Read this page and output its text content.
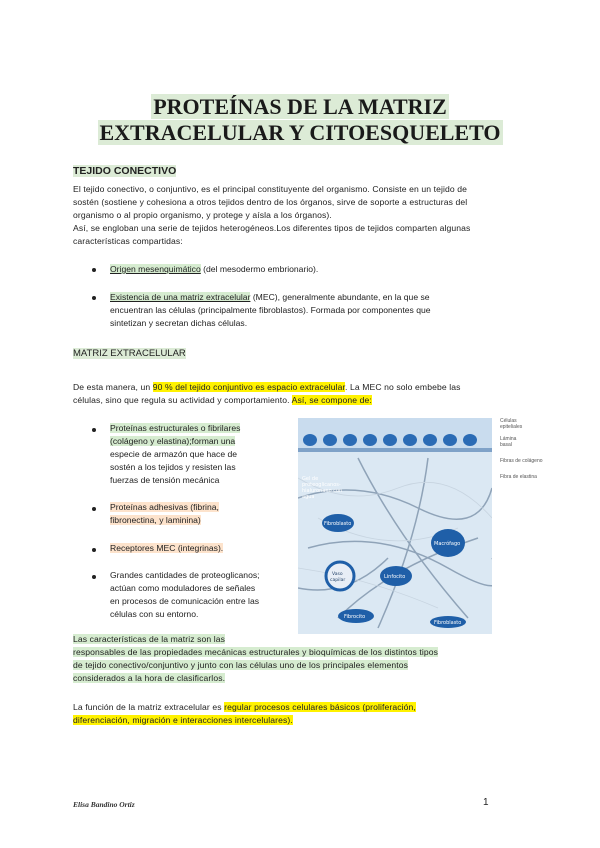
PROTEÍNAS DE LA MATRIZ
EXTRACELULAR Y CITOESQUELETO
TEJIDO CONECTIVO
El tejido conectivo, o conjuntivo, es el principal constituyente del organismo. Consiste en un tejido de
sostén (sostiene y cohesiona a otros tejidos dentro de los órganos, sirve de soporte a estructuras del
organismo o al propio organismo, y protege y aísla a los órganos).
Así, se engloban una serie de tejidos heterogéneos.Los diferentes tipos de tejidos comparten algunas
características compartidas:
Origen mesenquimático (del mesodermo embrionario).
Existencia de una matriz extracelular (MEC), generalmente abundante, en la que se
encuentran las células (principalmente fibroblastos). Formada por componentes que
sintetizan y secretan dichas células.
MATRIZ EXTRACELULAR
De esta manera, un 90 % del tejido conjuntivo es espacio extracelular. La MEC no solo embebe las
células, sino que regula su actividad y comportamiento. Así, se compone de:
Proteínas estructurales o fibrilares
(colágeno y elastina);forman una
especie de armazón que hace de
sostén a los tejidos y resisten las
fuerzas de tensión mecánica
Proteínas adhesivas (fibrina,
fibronectina, y laminina)
Receptores MEC (integrinas).
Grandes cantidades de proteoglicanos;
actúan como moduladores de señales
en procesos de comunicación entre las
células con su entorno.
Gel de
proteoglicanos-
hialuronano con
agua
Fibroblasto
Macrófago
Vaso
capilar
Linfocito
Fibrocito
Fibroblasto
Células
epiteliales
Lámina
basal
Fibras de colágeno
Fibra de elastina
Las características de la matriz son las
responsables de las propiedades mecánicas estructurales y bioquímicas de los distintos tipos
de tejido conectivo/conjuntivo y junto con las células uno de los principales elementos
considerados a la hora de clasificarlos.
La función de la matriz extracelular es regular procesos celulares básicos (proliferación,
diferenciación, migración e interacciones intercelulares).
Elisa Bandino Ortiz	1
